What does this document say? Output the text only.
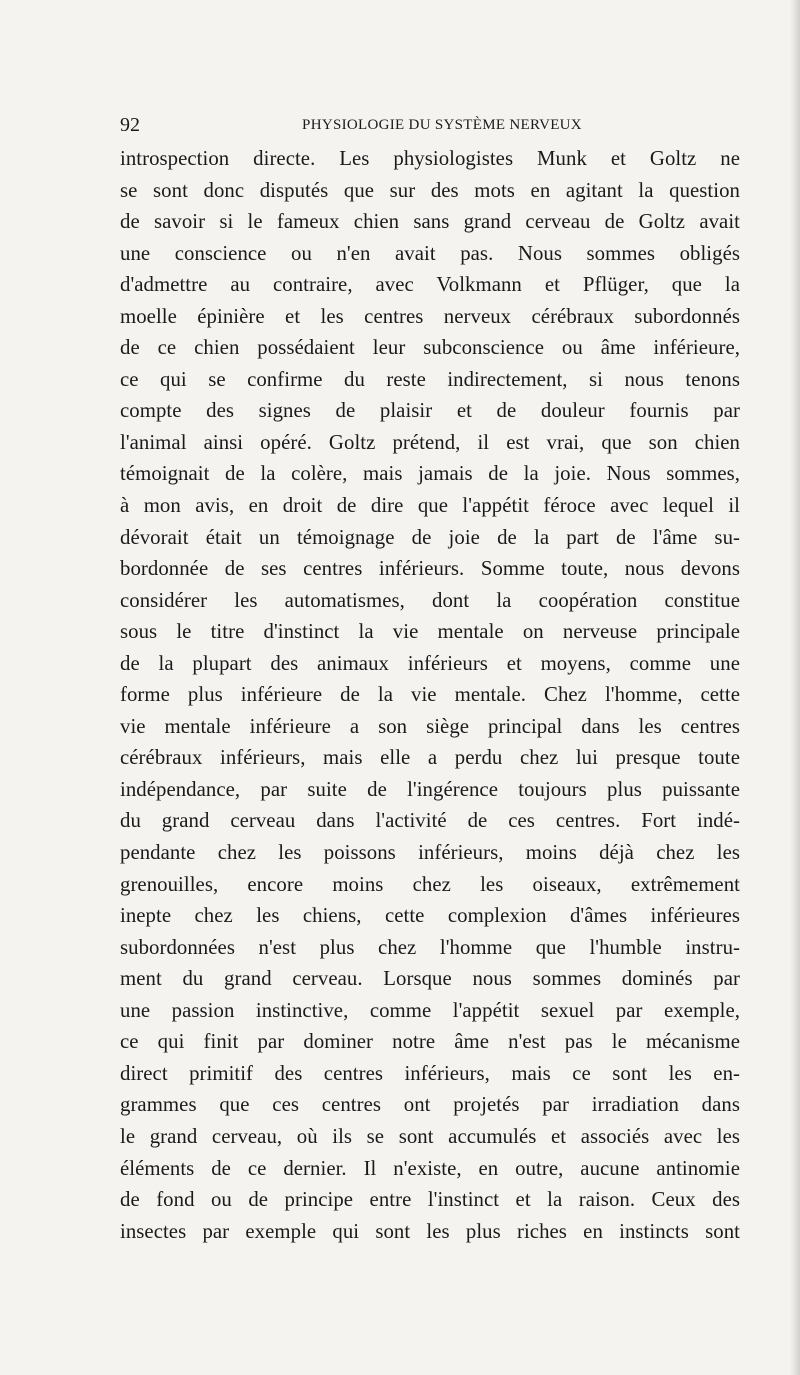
92	PHYSIOLOGIE DU SYSTÈME NERVEUX
introspection directe. Les physiologistes Munk et Goltz ne
se sont donc disputés que sur des mots en agitant la question
de savoir si le fameux chien sans grand cerveau de Goltz avait
une conscience ou n'en avait pas. Nous sommes obligés
d'admettre au contraire, avec Volkmann et Pflüger, que la
moelle épinière et les centres nerveux cérébraux subordonnés
de ce chien possédaient leur subconscience ou âme inférieure,
ce qui se confirme du reste indirectement, si nous tenons
compte des signes de plaisir et de douleur fournis par
l'animal ainsi opéré. Goltz prétend, il est vrai, que son chien
témoignait de la colère, mais jamais de la joie. Nous sommes,
à mon avis, en droit de dire que l'appétit féroce avec lequel il
dévorait était un témoignage de joie de la part de l'âme su-
bordonnée de ses centres inférieurs. Somme toute, nous devons
considérer les automatismes, dont la coopération constitue
sous le titre d'instinct la vie mentale on nerveuse principale
de la plupart des animaux inférieurs et moyens, comme une
forme plus inférieure de la vie mentale. Chez l'homme, cette
vie mentale inférieure a son siège principal dans les centres
cérébraux inférieurs, mais elle a perdu chez lui presque toute
indépendance, par suite de l'ingérence toujours plus puissante
du grand cerveau dans l'activité de ces centres. Fort indé-
pendante chez les poissons inférieurs, moins déjà chez les
grenouilles, encore moins chez les oiseaux, extrêmement
inepte chez les chiens, cette complexion d'âmes inférieures
subordonnées n'est plus chez l'homme que l'humble instru-
ment du grand cerveau. Lorsque nous sommes dominés par
une passion instinctive, comme l'appétit sexuel par exemple,
ce qui finit par dominer notre âme n'est pas le mécanisme
direct primitif des centres inférieurs, mais ce sont les en-
grammes que ces centres ont projetés par irradiation dans
le grand cerveau, où ils se sont accumulés et associés avec les
éléments de ce dernier. Il n'existe, en outre, aucune antinomie
de fond ou de principe entre l'instinct et la raison. Ceux des
insectes par exemple qui sont les plus riches en instincts sont
